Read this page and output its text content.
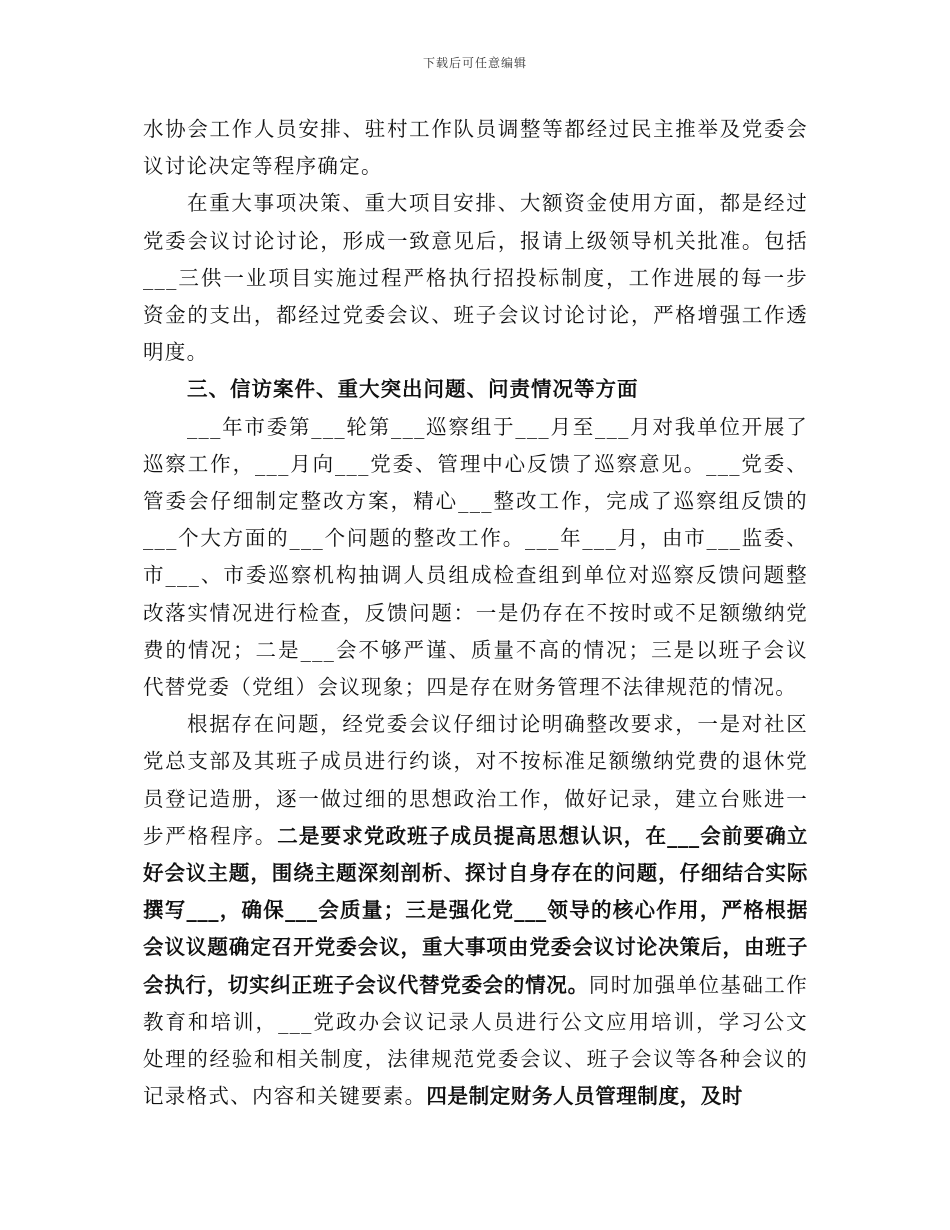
下载后可任意编辑

水协会工作人员安排、驻村工作队员调整等都经过民主推举及党委会议讨论决定等程序确定。

在重大事项决策、重大项目安排、大额资金使用方面，都是经过党委会议讨论讨论，形成一致意见后，报请上级领导机关批准。包括___三供一业项目实施过程严格执行招投标制度，工作进展的每一步资金的支出，都经过党委会议、班子会议讨论讨论，严格增强工作透明度。

三、信访案件、重大突出问题、问责情况等方面

___年市委第___轮第___巡察组于___月至___月对我单位开展了巡察工作，___月向___党委、管理中心反馈了巡察意见。___党委、管委会仔细制定整改方案，精心___整改工作，完成了巡察组反馈的___个大方面的___个问题的整改工作。___年___月，由市___监委、市___、市委巡察机构抽调人员组成检查组到单位对巡察反馈问题整改落实情况进行检查，反馈问题：一是仍存在不按时或不足额缴纳党费的情况；二是___会不够严谨、质量不高的情况；三是以班子会议代替党委（党组）会议现象；四是存在财务管理不法律规范的情况。

根据存在问题，经党委会议仔细讨论明确整改要求，一是对社区党总支部及其班子成员进行约谈，对不按标准足额缴纳党费的退休党员登记造册，逐一做过细的思想政治工作，做好记录，建立台账进一步严格程序。二是要求党政班子成员提高思想认识，在___会前要确立好会议主题，围绕主题深刻剖析、探讨自身存在的问题，仔细结合实际撰写___，确保___会质量；三是强化党___领导的核心作用，严格根据会议议题确定召开党委会议，重大事项由党委会议讨论决策后，由班子会执行，切实纠正班子会议代替党委会的情况。同时加强单位基础工作教育和培训，___党政办会议记录人员进行公文应用培训，学习公文处理的经验和相关制度，法律规范党委会议、班子会议等各种会议的记录格式、内容和关键要素。四是制定财务人员管理制度，及时
